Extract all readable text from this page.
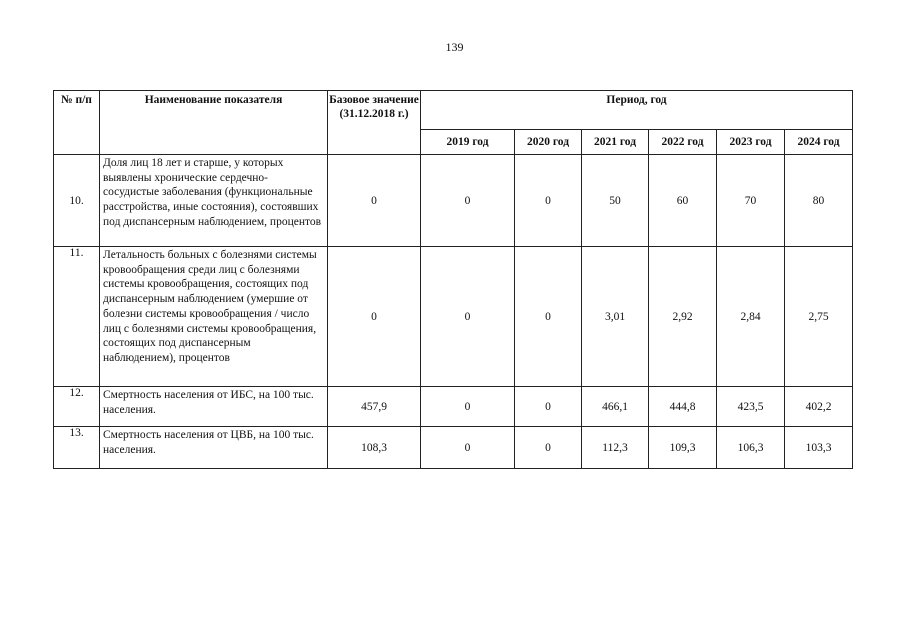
139
№ п/п	Наименование показателя	Базовое значение (31.12.2018 г.)	Период, год					
			2019 год	2020 год	2021 год	2022 год	2023 год	2024 год
10.	Доля лиц 18 лет и старше, у которых выявлены хронические сердечно-сосудистые заболевания (функциональные расстройства, иные состояния), состоявших под диспансерным наблюдением, процентов	0	0	0	50	60	70	80
11.	Летальность больных с болезнями системы кровообращения среди лиц с болезнями системы кровообращения, состоящих под диспансерным наблюдением (умершие от болезни системы кровообращения / число лиц с болезнями системы кровообращения, состоящих под диспансерным наблюдением), процентов	0	0	0	3,01	2,92	2,84	2,75
12.	Смертность населения от ИБС, на 100 тыс. населения.	457,9	0	0	466,1	444,8	423,5	402,2
13.	Смертность населения от ЦВБ, на 100 тыс. населения.	108,3	0	0	112,3	109,3	106,3	103,3
